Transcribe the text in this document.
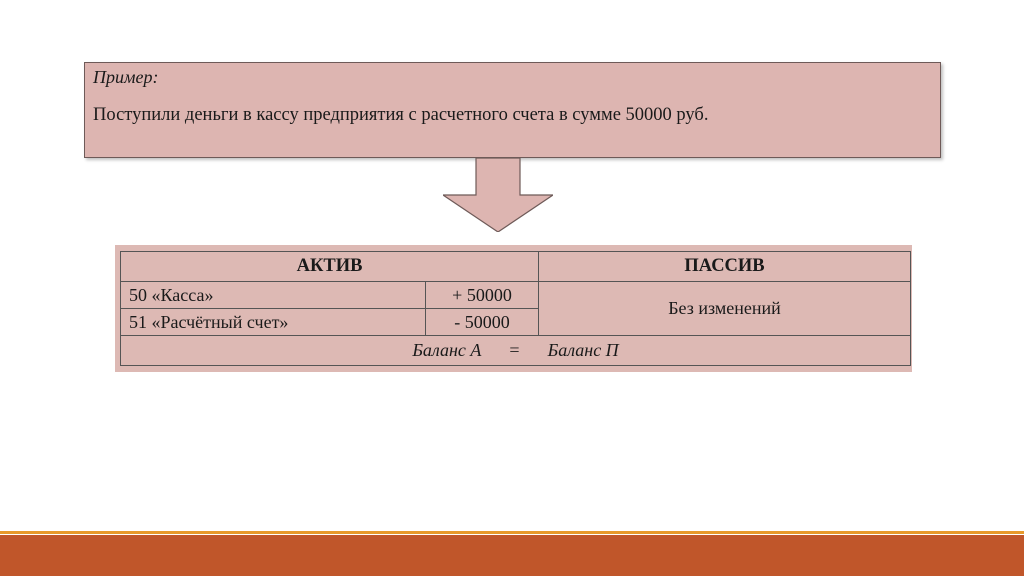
Пример:
Поступили деньги в кассу предприятия с расчетного счета в сумме 50000 руб.
АКТИВ		ПАССИВ
50 «Касса»	+ 50000	Без изменений
51 «Расчётный счет»	- 50000	
Баланс А = Баланс П		
